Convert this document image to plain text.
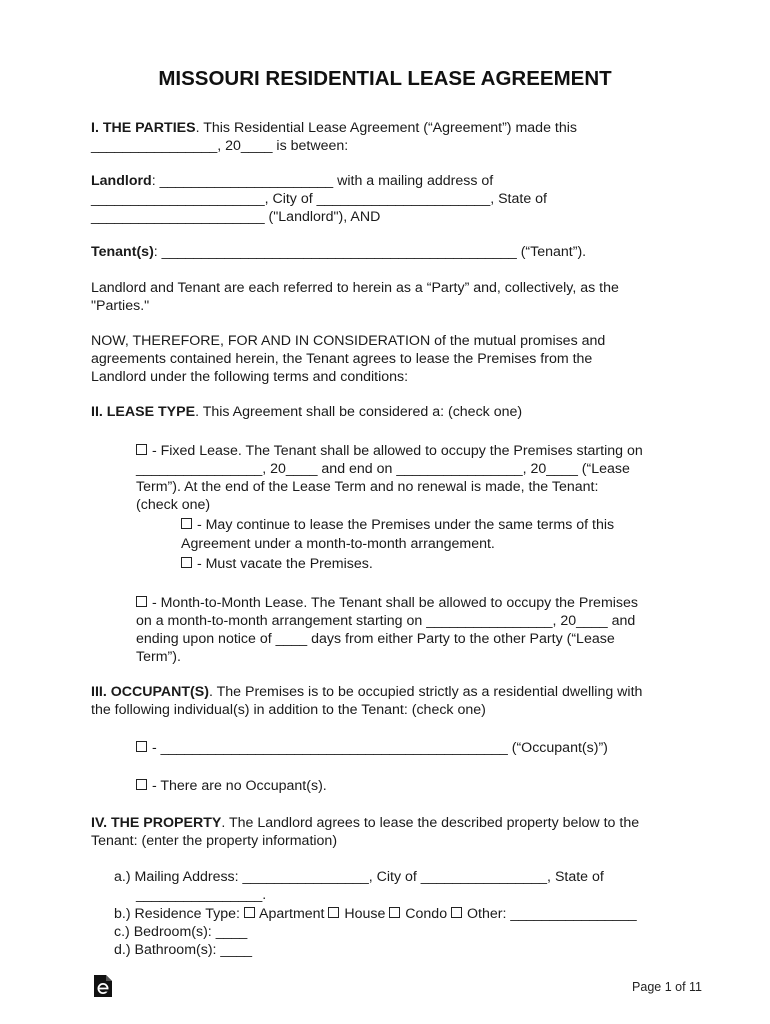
MISSOURI RESIDENTIAL LEASE AGREEMENT
I. THE PARTIES. This Residential Lease Agreement (“Agreement”) made this
________________, 20____ is between:
Landlord: ______________________ with a mailing address of
______________________, City of ______________________, State of
______________________ ("Landlord"), AND
Tenant(s): _____________________________________________ (“Tenant”).
Landlord and Tenant are each referred to herein as a “Party” and, collectively, as the
"Parties."
NOW, THEREFORE, FOR AND IN CONSIDERATION of the mutual promises and
agreements contained herein, the Tenant agrees to lease the Premises from the
Landlord under the following terms and conditions:
II. LEASE TYPE. This Agreement shall be considered a: (check one)
- Fixed Lease. The Tenant shall be allowed to occupy the Premises starting on
________________, 20____ and end on ________________, 20____ (“Lease
Term”). At the end of the Lease Term and no renewal is made, the Tenant:
(check one)
- May continue to lease the Premises under the same terms of this
Agreement under a month-to-month arrangement.
- Must vacate the Premises.
- Month-to-Month Lease. The Tenant shall be allowed to occupy the Premises
on a month-to-month arrangement starting on ________________, 20____ and
ending upon notice of ____ days from either Party to the other Party (“Lease
Term”).
III. OCCUPANT(S). The Premises is to be occupied strictly as a residential dwelling with
the following individual(s) in addition to the Tenant: (check one)
- ____________________________________________ (“Occupant(s)”)
- There are no Occupant(s).
IV. THE PROPERTY. The Landlord agrees to lease the described property below to the
Tenant: (enter the property information)
a.) Mailing Address: ________________, City of ________________, State of
________________.
b.) Residence Type:  Apartment  House  Condo  Other: ________________
c.) Bedroom(s): ____
d.) Bathroom(s): ____
Page 1 of 11
